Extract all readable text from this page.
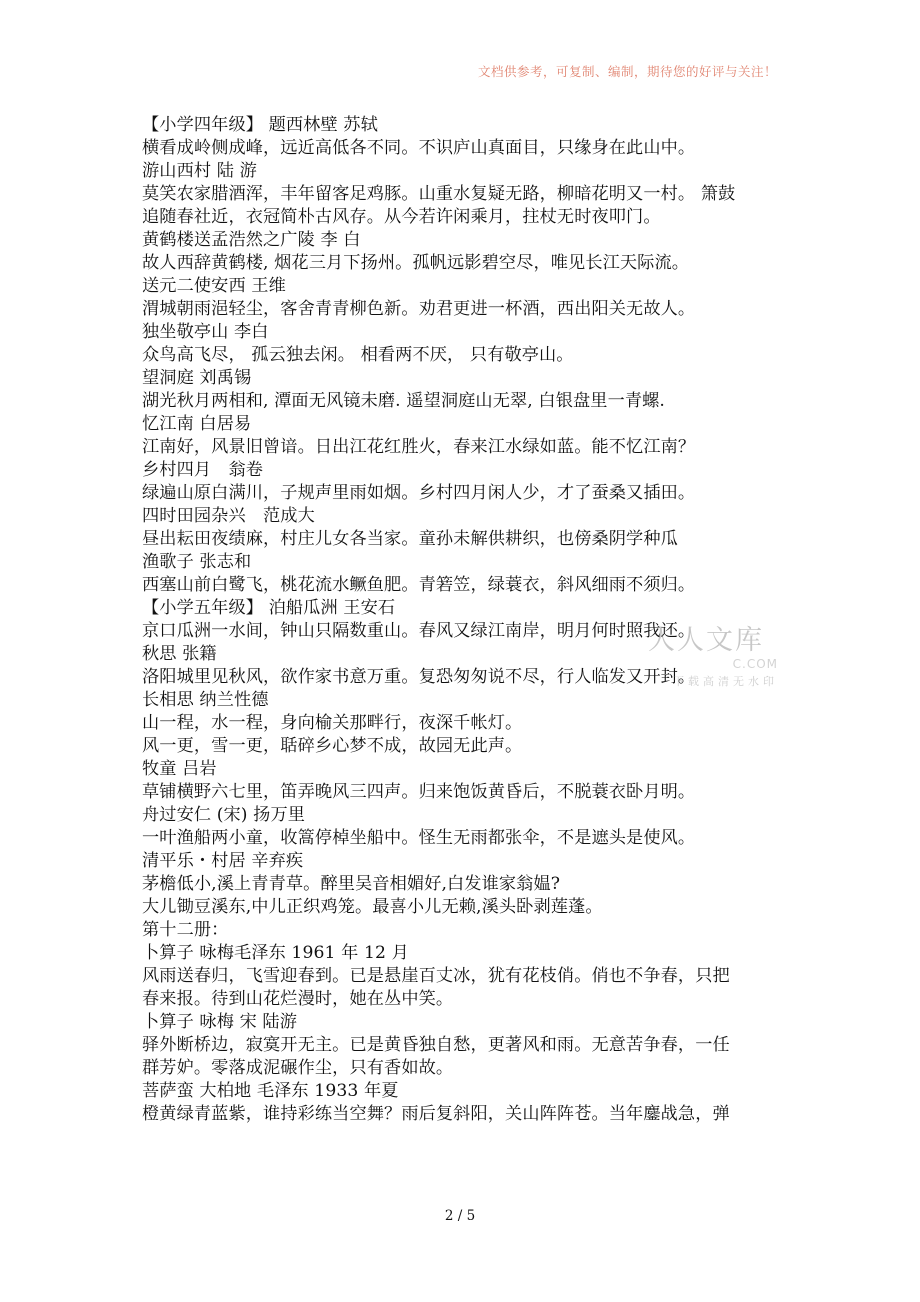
文档供参考，可复制、编制，期待您的好评与关注！
【小学四年级】 题西林壁 苏轼
横看成岭侧成峰，远近高低各不同。不识庐山真面目，只缘身在此山中。
游山西村 陆 游
莫笑农家腊酒浑，丰年留客足鸡豚。山重水复疑无路，柳暗花明又一村。 箫鼓
追随春社近，衣冠简朴古风存。从今若许闲乘月，拄杖无时夜叩门。
黄鹤楼送孟浩然之广陵 李 白
故人西辞黄鹤楼, 烟花三月下扬州。孤帆远影碧空尽，唯见长江天际流。
送元二使安西 王维
渭城朝雨浥轻尘，客舍青青柳色新。劝君更进一杯酒，西出阳关无故人。
独坐敬亭山 李白
众鸟高飞尽， 孤云独去闲。 相看两不厌， 只有敬亭山。
望洞庭 刘禹锡
湖光秋月两相和, 潭面无风镜未磨. 遥望洞庭山无翠, 白银盘里一青螺.
忆江南 白居易
江南好，风景旧曾谙。日出江花红胜火，春来江水绿如蓝。能不忆江南？
乡村四月　翁卷
绿遍山原白满川，子规声里雨如烟。乡村四月闲人少，才了蚕桑又插田。
四时田园杂兴　范成大
昼出耘田夜绩麻，村庄儿女各当家。童孙未解供耕织，也傍桑阴学种瓜
渔歌子 张志和
西塞山前白鹭飞，桃花流水鳜鱼肥。青箬笠，绿蓑衣，斜风细雨不须归。
【小学五年级】 泊船瓜洲 王安石
京口瓜洲一水间，钟山只隔数重山。春风又绿江南岸，明月何时照我还。
秋思 张籍
洛阳城里见秋风，欲作家书意万重。复恐匆匆说不尽，行人临发又开封。
长相思 纳兰性德
山一程，水一程，身向榆关那畔行，夜深千帐灯。
风一更，雪一更，聒碎乡心梦不成，故园无此声。
牧童 吕岩
草铺横野六七里，笛弄晚风三四声。归来饱饭黄昏后，不脱蓑衣卧月明。
舟过安仁 (宋) 扬万里
一叶渔船两小童，收篙停棹坐船中。怪生无雨都张伞，不是遮头是使风。
清平乐・村居 辛弃疾
茅檐低小,溪上青青草。醉里吴音相媚好,白发谁家翁媪?
大儿锄豆溪东,中儿正织鸡笼。最喜小儿无赖,溪头卧剥莲蓬。
第十二册：
卜算子 咏梅毛泽东 1961 年 12 月
风雨送春归，飞雪迎春到。已是悬崖百丈冰，犹有花枝俏。俏也不争春，只把
春来报。待到山花烂漫时，她在丛中笑。
卜算子 咏梅 宋 陆游
驿外断桥边，寂寞开无主。已是黄昏独自愁，更著风和雨。无意苦争春，一任
群芳妒。零落成泥碾作尘，只有香如故。
菩萨蛮 大柏地 毛泽东 1933 年夏
橙黄绿青蓝紫，谁持彩练当空舞？雨后复斜阳，关山阵阵苍。当年鏖战急，弹
人人文库
C.COM
下载高清无水印
2 / 5
